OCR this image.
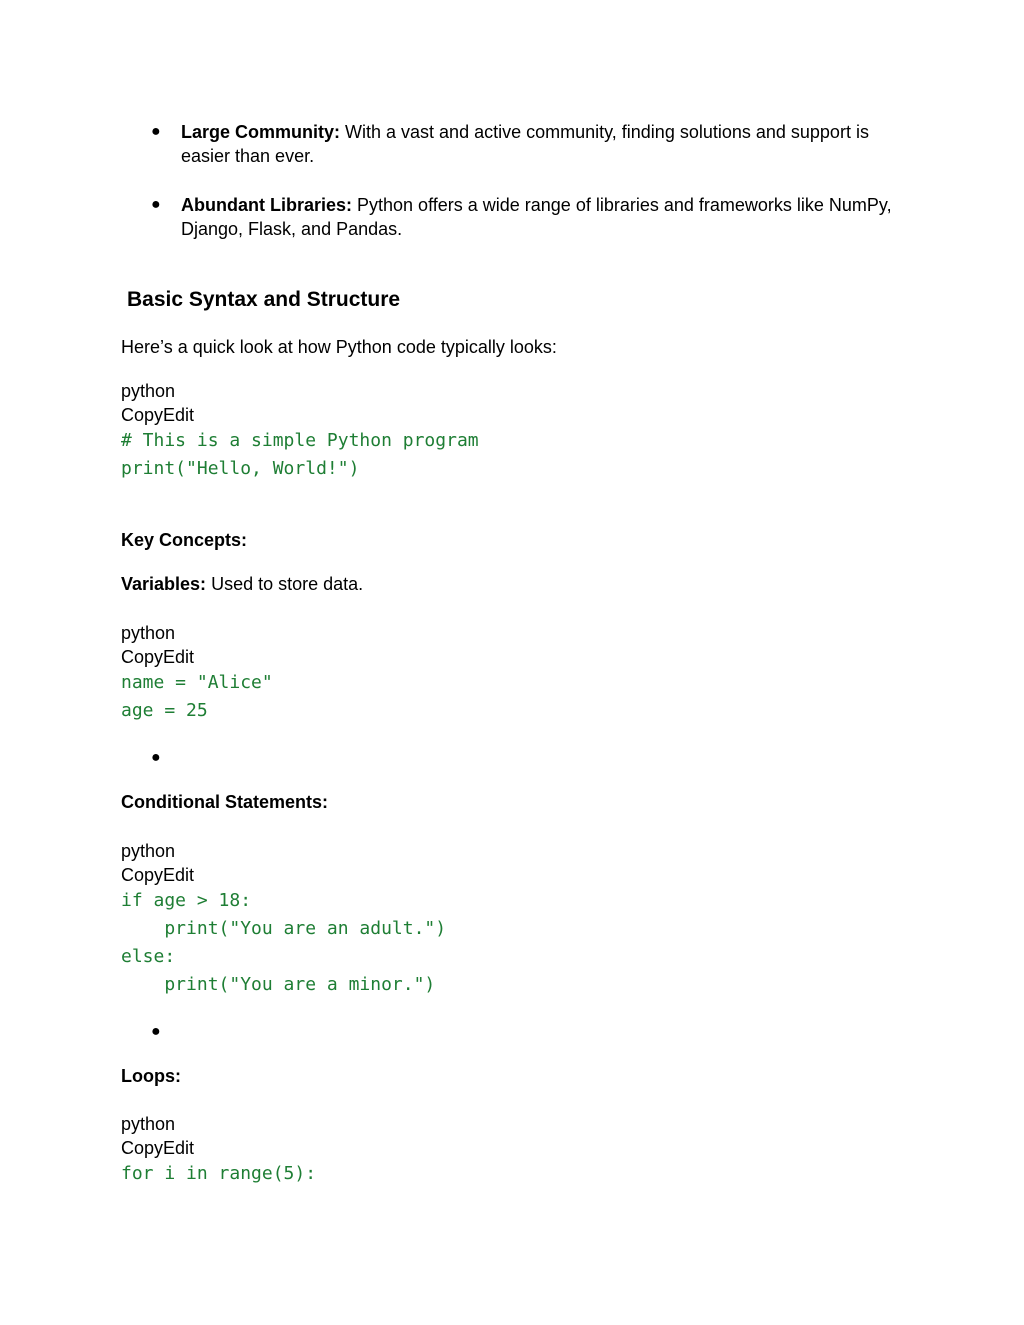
● Large Community: With a vast and active community, finding solutions and support is easier than ever.
● Abundant Libraries: Python offers a wide range of libraries and frameworks like NumPy, Django, Flask, and Pandas.
Basic Syntax and Structure
Here’s a quick look at how Python code typically looks:
python
CopyEdit
# This is a simple Python program
print("Hello, World!")
Key Concepts:
Variables: Used to store data.
python
CopyEdit
name = "Alice"
age = 25
●
Conditional Statements:
python
CopyEdit
if age > 18:
print("You are an adult.")
else:
print("You are a minor.")
●
Loops:
python
CopyEdit
for i in range(5):
